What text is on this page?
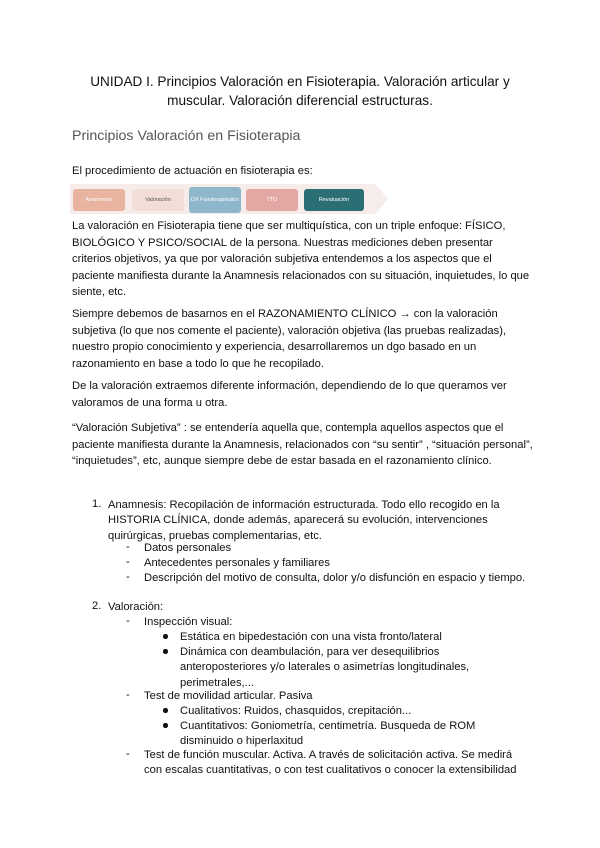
UNIDAD I. Principios Valoración en Fisioterapia. Valoración articular y
muscular. Valoración diferencial estructuras.
Principios Valoración en Fisioterapia
El procedimiento de actuación en fisioterapia es:
Anamnesis	Valoración	DX Fisioterapéutico	TTO	Revaluación
La valoración en Fisioterapia tiene que ser multiquística, con un triple enfoque: FÍSICO, BIOLÓGICO Y PSICO/SOCIAL de la persona. Nuestras mediciones deben presentar criterios objetivos, ya que por valoración subjetiva entendemos a los aspectos que el paciente manifiesta durante la Anamnesis relacionados con su situación, inquietudes, lo que siente, etc.
Siempre debemos de basarnos en el RAZONAMIENTO CLÍNICO → con la valoración subjetiva (lo que nos comente el paciente), valoración objetiva (las pruebas realizadas), nuestro propio conocimiento y experiencia, desarrollaremos un dgo basado en un razonamiento en base a todo lo que he recopilado.
De la valoración extraemos diferente información, dependiendo de lo que queramos ver valoramos de una forma u otra.
“Valoración Subjetiva” : se entendería aquella que, contempla aquellos aspectos que el paciente manifiesta durante la Anamnesis, relacionados con “su sentir” , “situación personal”, “inquietudes”, etc, aunque siempre debe de estar basada en el razonamiento clínico.
1. Anamnesis: Recopilación de información estructurada. Todo ello recogido en la HISTORIA CLÍNICA, donde además, aparecerá su evolución, intervenciones quirúrgicas, pruebas complementarias, etc.
- Datos personales
- Antecedentes personales y familiares
- Descripción del motivo de consulta, dolor y/o disfunción en espacio y tiempo.
2. Valoración:
- Inspección visual:
Estática en bipedestación con una vista fronto/lateral
Dinámica con deambulación, para ver desequilibrios anteroposteriores y/o laterales o asimetrías longitudinales, perimetrales,...
- Test de movilidad articular. Pasiva
Cualitativos: Ruidos, chasquidos, crepitación...
Cuantitativos: Goniometría, centimetría. Busqueda de ROM disminuido o hiperlaxitud
- Test de función muscular. Activa. A través de solicitación activa. Se medirá con escalas cuantitativas, o con test cualitativos o conocer la extensibilidad
